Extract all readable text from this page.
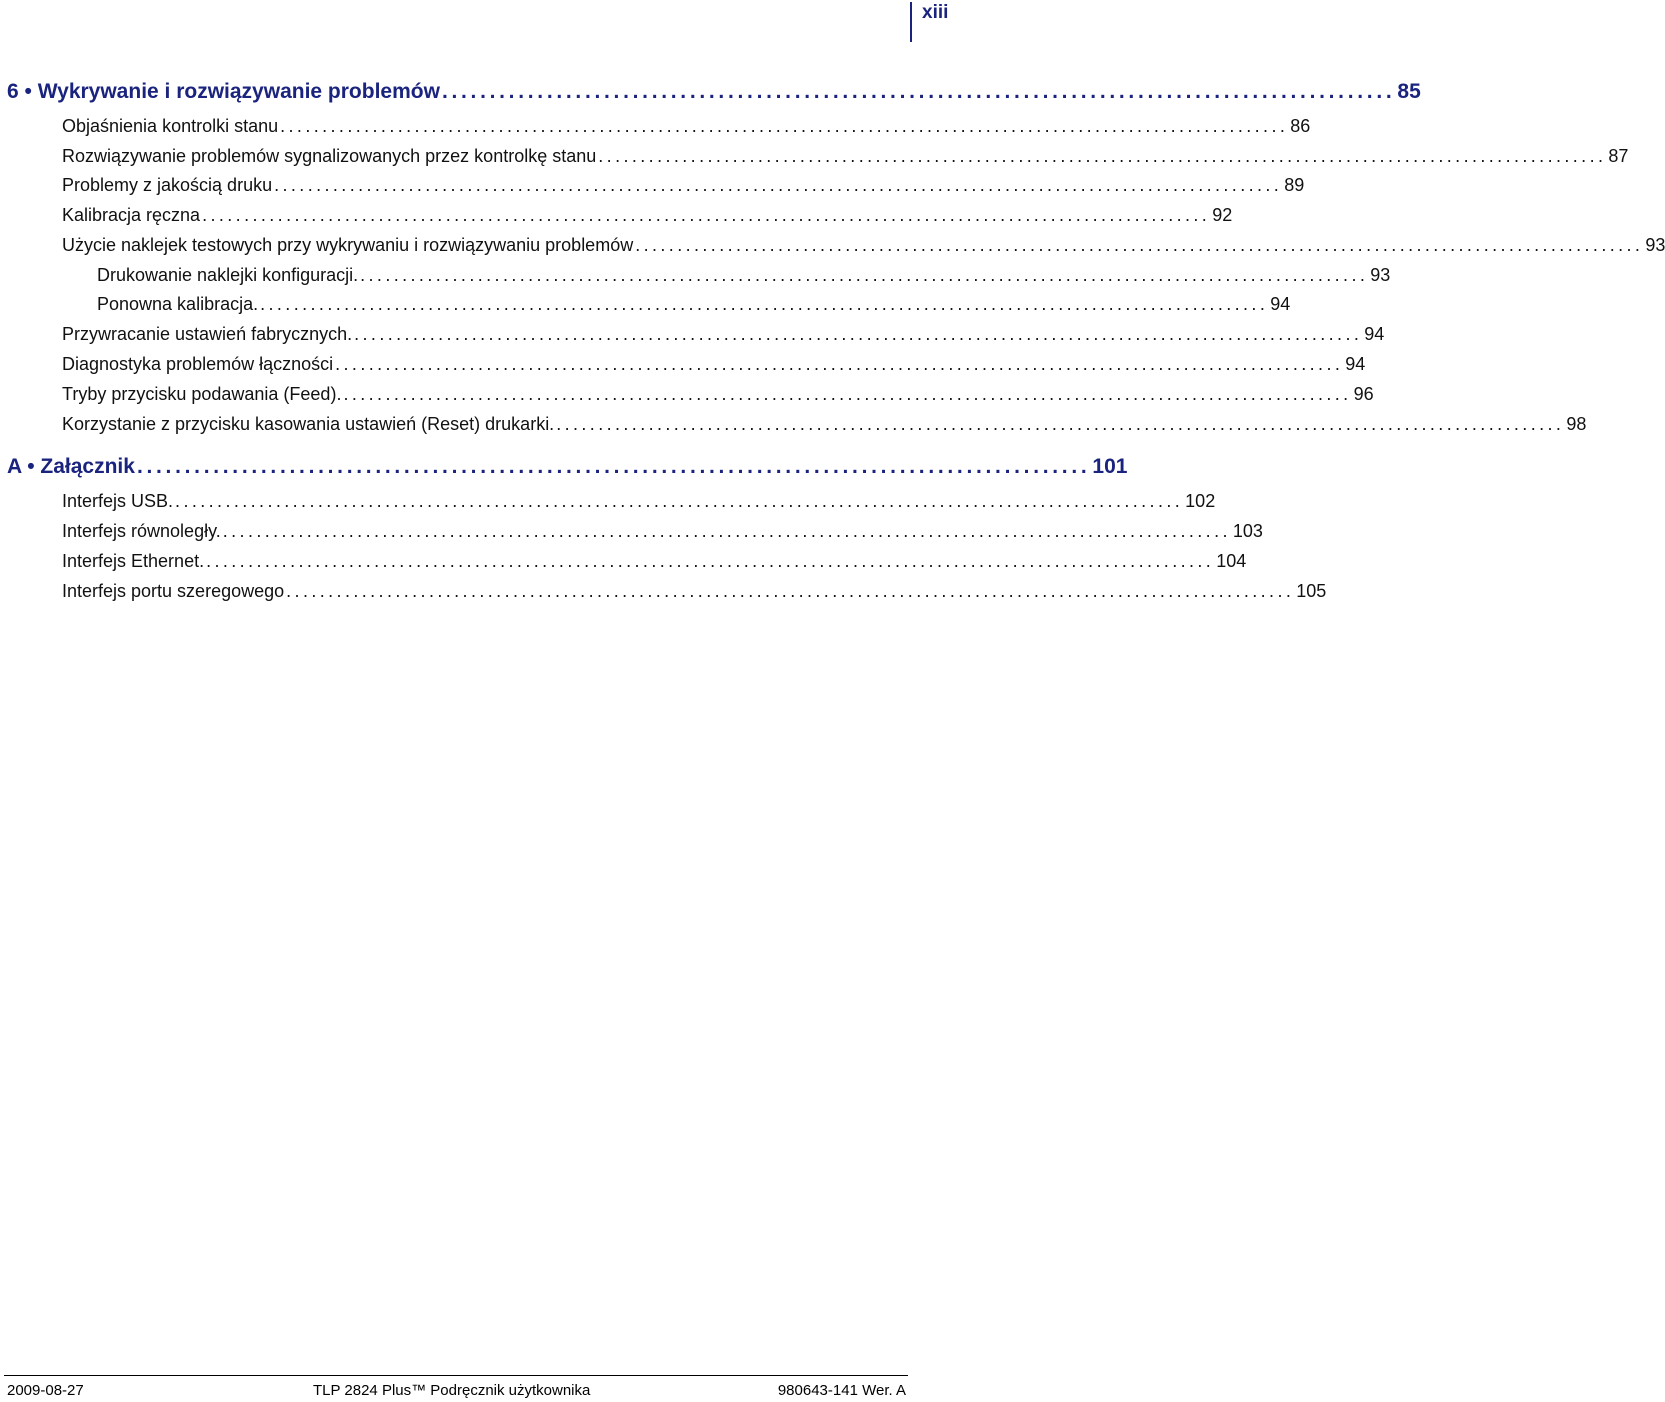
xiii
6 • Wykrywanie i rozwiązywanie problemów .................................................................................................... 85
Objaśnienia kontrolki stanu ........................................................................................................................ 86
Rozwiązywanie problemów sygnalizowanych przez kontrolkę stanu ........................................................................................................................ 87
Problemy z jakością druku ........................................................................................................................ 89
Kalibracja ręczna ........................................................................................................................ 92
Użycie naklejek testowych przy wykrywaniu i rozwiązywaniu problemów ........................................................................................................................ 93
Drukowanie naklejki konfiguracji. ........................................................................................................................ 93
Ponowna kalibracja. ........................................................................................................................ 94
Przywracanie ustawień fabrycznych. ........................................................................................................................ 94
Diagnostyka problemów łączności ........................................................................................................................ 94
Tryby przycisku podawania (Feed). ........................................................................................................................ 96
Korzystanie z przycisku kasowania ustawień (Reset) drukarki. ........................................................................................................................ 98
A • Załącznik .................................................................................................... 101
Interfejs USB. ........................................................................................................................ 102
Interfejs równoległy. ........................................................................................................................ 103
Interfejs Ethernet. ........................................................................................................................ 104
Interfejs portu szeregowego ........................................................................................................................ 105
2009-08-27	TLP 2824 Plus™ Podręcznik użytkownika	980643-141 Wer. A
